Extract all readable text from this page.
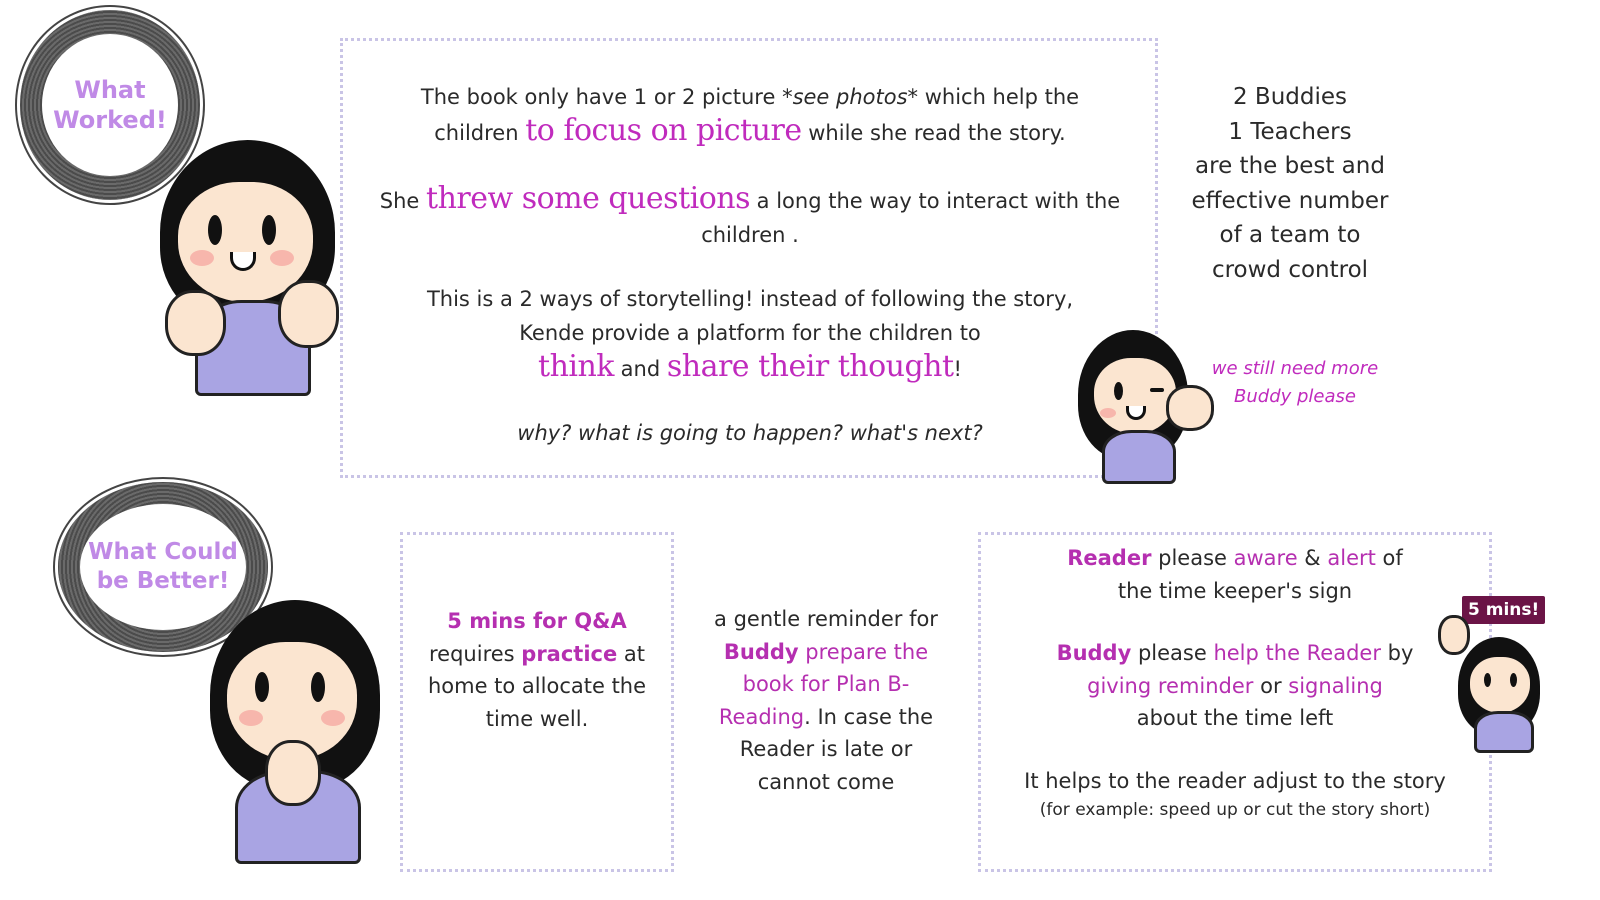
What Worked!
The book only have 1 or 2 picture *see photos* which help the
children to focus on picture while she read the story.
She threw some questions a long the way to interact with the
children .
This is a 2 ways of storytelling! instead of following the story,
Kende provide a platform for the children to
think and share their thought!
why? what is going to happen? what's next?
2 Buddies
1 Teachers
are the best and
effective number
of a team to
crowd control
we still need more
Buddy please
What Could be Better!
5 mins for Q&A
requires practice at
home to allocate the
time well.
a gentle reminder for
Buddy prepare the
book for Plan B-
Reading. In case the
Reader is late or
cannot come
Reader please aware & alert of
the time keeper's sign
Buddy please help the Reader by
giving reminder or signaling
about the time left
It helps to the reader adjust to the story
(for example: speed up or cut the story short)
5 mins!
